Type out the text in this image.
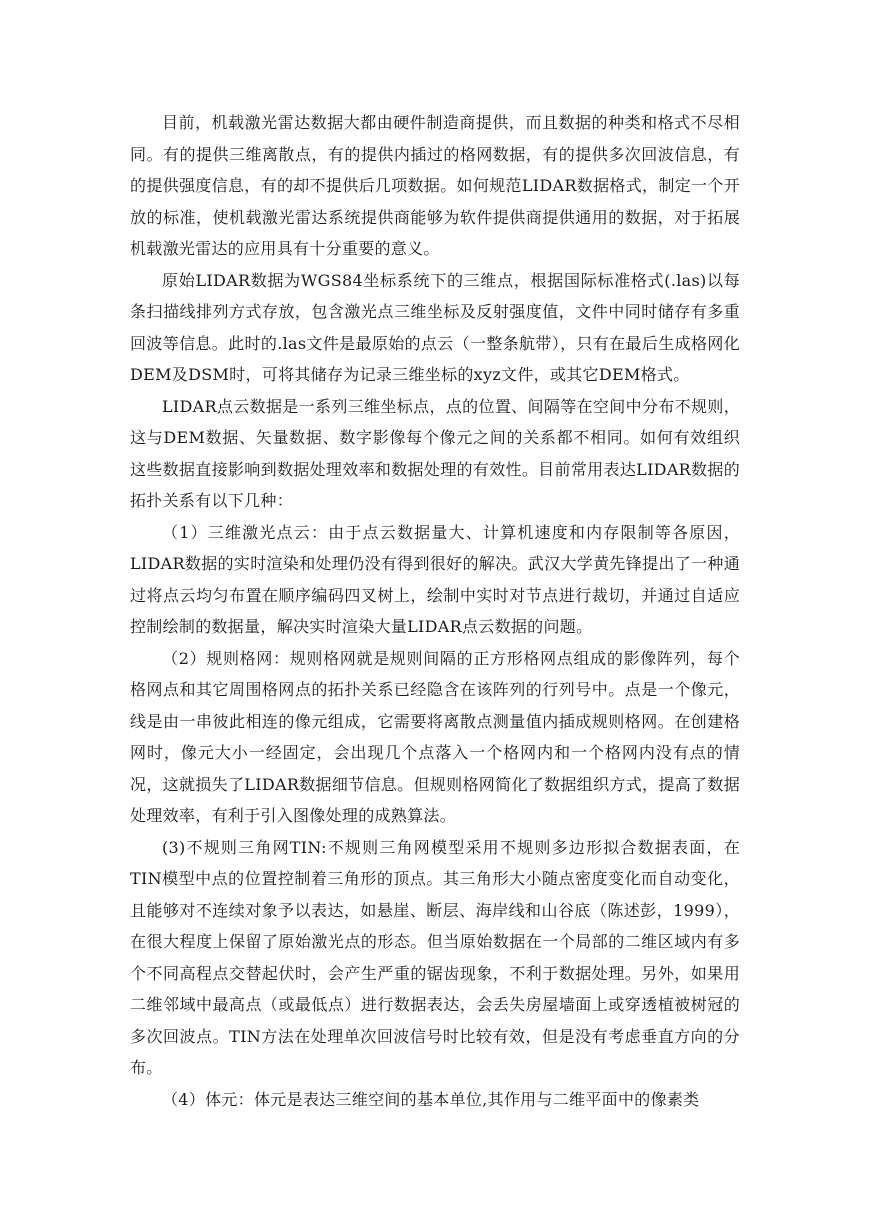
目前，机载激光雷达数据大都由硬件制造商提供，而且数据的种类和格式不尽相同。有的提供三维离散点，有的提供内插过的格网数据，有的提供多次回波信息，有的提供强度信息，有的却不提供后几项数据。如何规范LIDAR数据格式，制定一个开放的标准，使机载激光雷达系统提供商能够为软件提供商提供通用的数据，对于拓展机载激光雷达的应用具有十分重要的意义。

原始LIDAR数据为WGS84坐标系统下的三维点，根据国际标准格式(.las)以每条扫描线排列方式存放，包含激光点三维坐标及反射强度值，文件中同时储存有多重回波等信息。此时的.las文件是最原始的点云（一整条航带），只有在最后生成格网化DEM及DSM时，可将其储存为记录三维坐标的xyz文件，或其它DEM格式。

LIDAR点云数据是一系列三维坐标点，点的位置、间隔等在空间中分布不规则，这与DEM数据、矢量数据、数字影像每个像元之间的关系都不相同。如何有效组织这些数据直接影响到数据处理效率和数据处理的有效性。目前常用表达LIDAR数据的拓扑关系有以下几种：

（1）三维激光点云：由于点云数据量大、计算机速度和内存限制等各原因，LIDAR数据的实时渲染和处理仍没有得到很好的解决。武汉大学黄先锋提出了一种通过将点云均匀布置在顺序编码四叉树上，绘制中实时对节点进行裁切，并通过自适应控制绘制的数据量，解决实时渲染大量LIDAR点云数据的问题。

（2）规则格网：规则格网就是规则间隔的正方形格网点组成的影像阵列，每个格网点和其它周围格网点的拓扑关系已经隐含在该阵列的行列号中。点是一个像元，线是由一串彼此相连的像元组成，它需要将离散点测量值内插成规则格网。在创建格网时，像元大小一经固定，会出现几个点落入一个格网内和一个格网内没有点的情况，这就损失了LIDAR数据细节信息。但规则格网简化了数据组织方式，提高了数据处理效率，有利于引入图像处理的成熟算法。

(3)不规则三角网TIN:不规则三角网模型采用不规则多边形拟合数据表面，在TIN模型中点的位置控制着三角形的顶点。其三角形大小随点密度变化而自动变化，且能够对不连续对象予以表达，如悬崖、断层、海岸线和山谷底（陈述彭，1999），在很大程度上保留了原始激光点的形态。但当原始数据在一个局部的二维区域内有多个不同高程点交替起伏时，会产生严重的锯齿现象，不利于数据处理。另外，如果用二维邻域中最高点（或最低点）进行数据表达，会丢失房屋墙面上或穿透植被树冠的多次回波点。TIN方法在处理单次回波信号时比较有效，但是没有考虑垂直方向的分布。

（4）体元：体元是表达三维空间的基本单位,其作用与二维平面中的像素类
